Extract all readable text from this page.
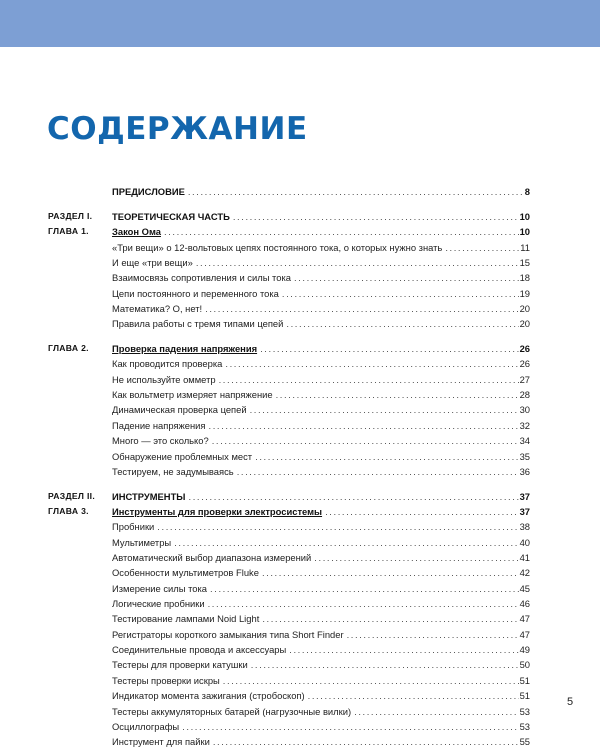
СОДЕРЖАНИЕ
ПРЕДИСЛОВИЕ .....	8
РАЗДЕЛ I. ТЕОРЕТИЧЕСКАЯ ЧАСТЬ .....	10
ГЛАВА 1. Закон Ома .....	10
«Три вещи» о 12-вольтовых цепях постоянного тока, о которых нужно знать .....	11
И еще «три вещи» .....	15
Взаимосвязь сопротивления и силы тока .....	18
Цепи постоянного и переменного тока .....	19
Математика? О, нет! .....	20
Правила работы с тремя типами цепей .....	20
ГЛАВА 2. Проверка падения напряжения .....	26
Как проводится проверка .....	26
Не используйте омметр .....	27
Как вольтметр измеряет напряжение .....	28
Динамическая проверка цепей .....	30
Падение напряжения .....	32
Много — это сколько? .....	34
Обнаружение проблемных мест .....	35
Тестируем, не задумываясь .....	36
РАЗДЕЛ II. ИНСТРУМЕНТЫ .....	37
ГЛАВА 3. Инструменты для проверки электросистемы .....	37
Пробники .....	38
Мультиметры .....	40
Автоматический выбор диапазона измерений .....	41
Особенности мультиметров Fluke .....	42
Измерение силы тока .....	45
Логические пробники .....	46
Тестирование лампами Noid Light .....	47
Регистраторы короткого замыкания типа Short Finder .....	47
Соединительные провода и аксессуары .....	49
Тестеры для проверки катушки .....	50
Тестеры проверки искры .....	51
Индикатор момента зажигания (стробоскоп) .....	51
Тестеры аккумуляторных батарей (нагрузочные вилки) .....	53
Осциллографы .....	53
Инструмент для пайки .....	55
5
